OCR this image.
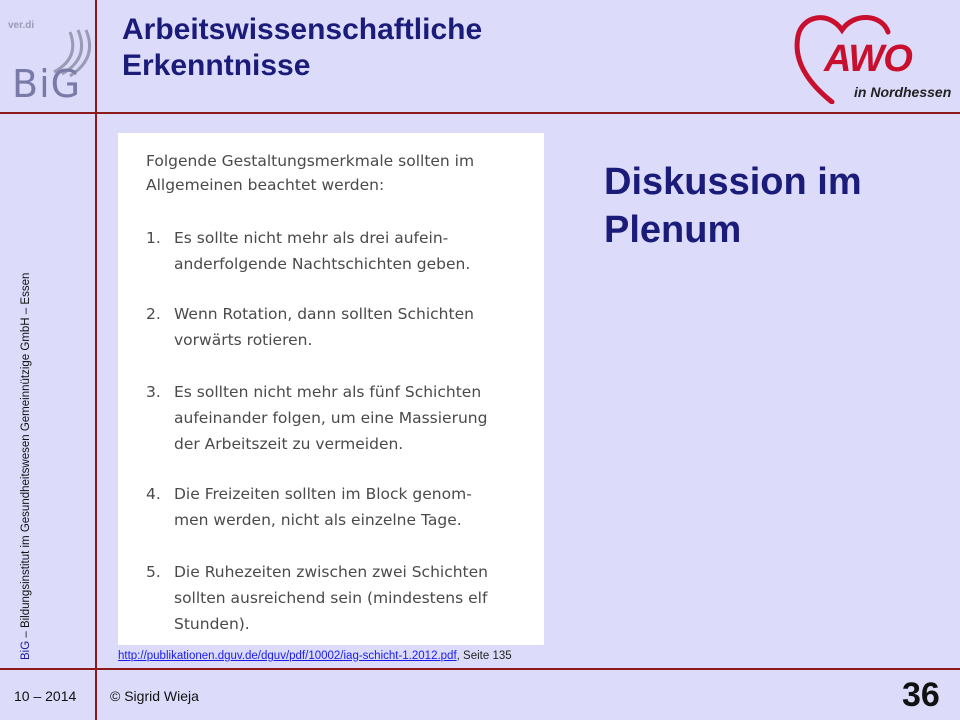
ver.di
BiG
Arbeitswissenschaftliche
Erkenntnisse	AWO
in Nordhessen
BiG – Bildungsinstitut im Gesundheitswesen Gemeinnützige GmbH – Essen
Folgende Gestaltungsmerkmale sollten im
Allgemeinen beachtet werden:
1. Es sollte nicht mehr als drei aufein-
anderfolgende Nachtschichten geben.
2. Wenn Rotation, dann sollten Schichten
vorwärts rotieren.
3. Es sollten nicht mehr als fünf Schichten
aufeinander folgen, um eine Massierung
der Arbeitszeit zu vermeiden.
4. Die Freizeiten sollten im Block genom-
men werden, nicht als einzelne Tage.
5. Die Ruhezeiten zwischen zwei Schichten
sollten ausreichend sein (mindestens elf
Stunden).
http://publikationen.dguv.de/dguv/pdf/10002/iag-schicht-1.2012.pdf, Seite 135
Diskussion im
Plenum
10 – 2014 © Sigrid Wieja	36
